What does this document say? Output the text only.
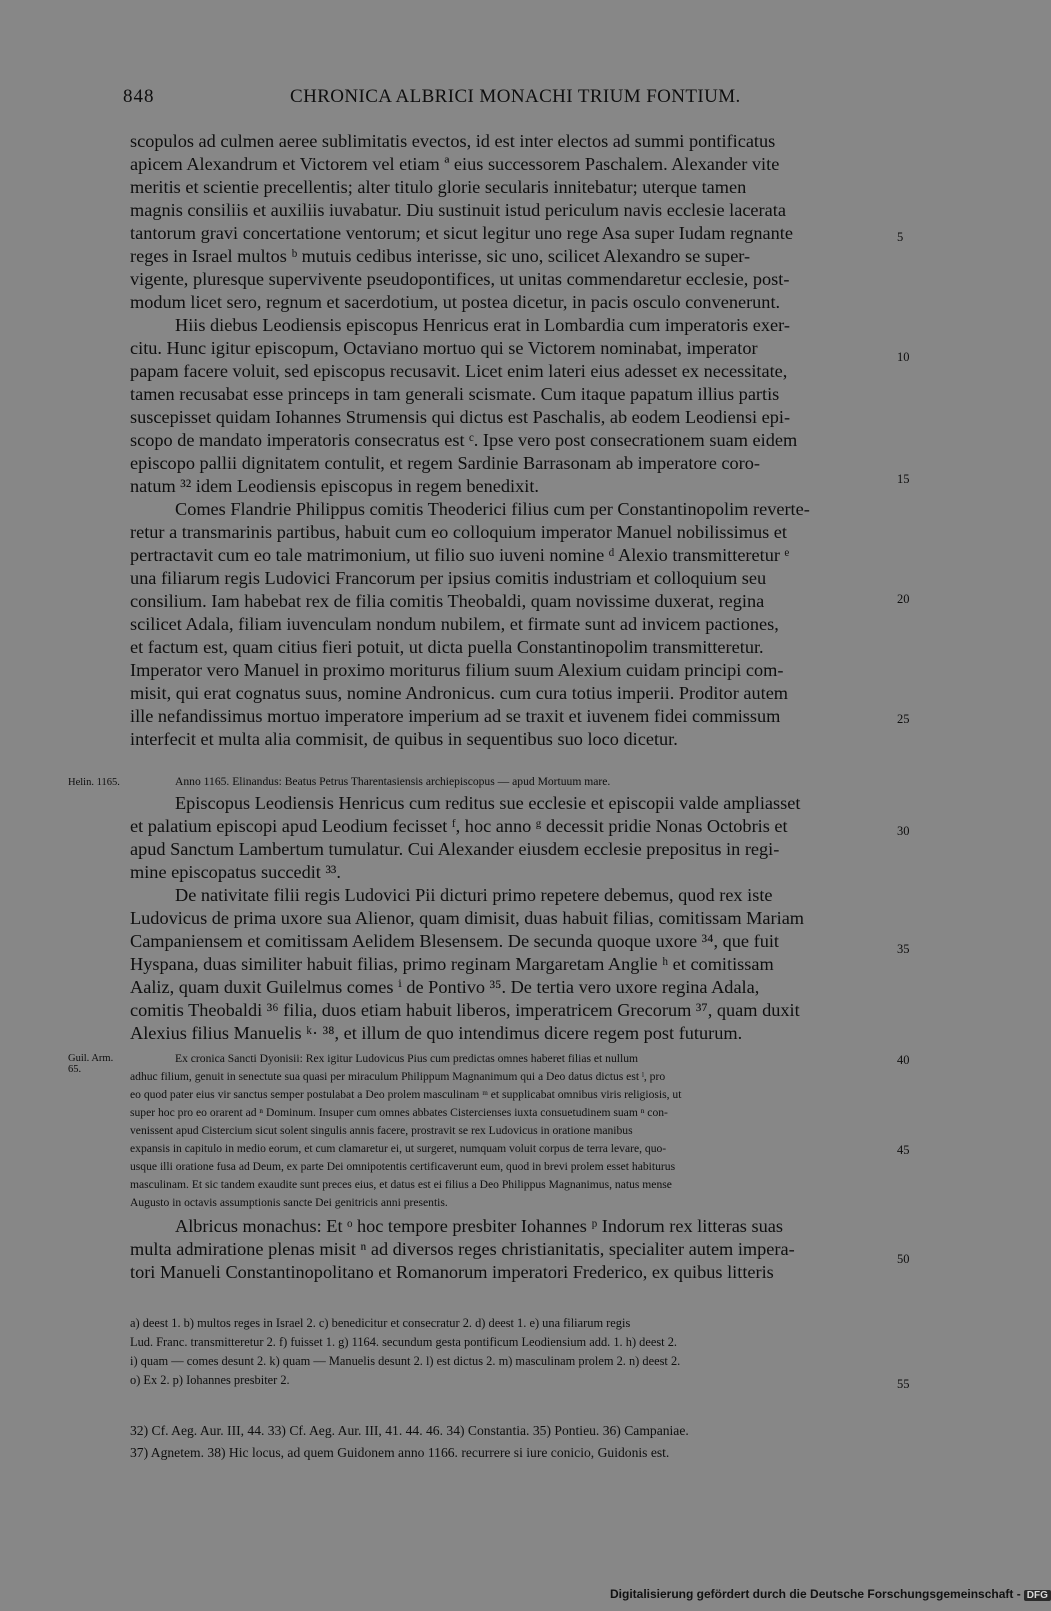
848	CHRONICA ALBRICI MONACHI TRIUM FONTIUM.
scopulos ad culmen aeree sublimitatis evectos, id est inter electos ad summi pontificatus
apicem Alexandrum et Victorem vel etiam ª eius successorem Paschalem. Alexander vite
meritis et scientie precellentis; alter titulo glorie secularis innitebatur; uterque tamen
magnis consiliis et auxiliis iuvabatur. Diu sustinuit istud periculum navis ecclesie lacerata
tantorum gravi concertatione ventorum; et sicut legitur uno rege Asa super Iudam regnante
reges in Israel multos ᵇ mutuis cedibus interisse, sic uno, scilicet Alexandro se super-
vigente, pluresque supervivente pseudopontifices, ut unitas commendaretur ecclesie, post-
modum licet sero, regnum et sacerdotium, ut postea dicetur, in pacis osculo convenerunt.
Hiis diebus Leodiensis episcopus Henricus erat in Lombardia cum imperatoris exer-
citu. Hunc igitur episcopum, Octaviano mortuo qui se Victorem nominabat, imperator
papam facere voluit, sed episcopus recusavit. Licet enim lateri eius adesset ex necessitate,
tamen recusabat esse princeps in tam generali scismate. Cum itaque papatum illius partis
suscepisset quidam Iohannes Strumensis qui dictus est Paschalis, ab eodem Leodiensi epi-
scopo de mandato imperatoris consecratus est ᶜ. Ipse vero post consecrationem suam eidem
episcopo pallii dignitatem contulit, et regem Sardinie Barrasonam ab imperatore coro-
natum ³² idem Leodiensis episcopus in regem benedixit.
Comes Flandrie Philippus comitis Theoderici filius cum per Constantinopolim reverte-
retur a transmarinis partibus, habuit cum eo colloquium imperator Manuel nobilissimus et
pertractavit cum eo tale matrimonium, ut filio suo iuveni nomine ᵈ Alexio transmitteretur ᵉ
una filiarum regis Ludovici Francorum per ipsius comitis industriam et colloquium seu
consilium. Iam habebat rex de filia comitis Theobaldi, quam novissime duxerat, regina
scilicet Adala, filiam iuvenculam nondum nubilem, et firmate sunt ad invicem pactiones,
et factum est, quam citius fieri potuit, ut dicta puella Constantinopolim transmitteretur.
Imperator vero Manuel in proximo moriturus filium suum Alexium cuidam principi com-
misit, qui erat cognatus suus, nomine Andronicus. cum cura totius imperii. Proditor autem
ille nefandissimus mortuo imperatore imperium ad se traxit et iuvenem fidei commissum
interfecit et multa alia commisit, de quibus in sequentibus suo loco dicetur.
Helin. 1165.	Anno 1165. Elinandus: Beatus Petrus Tharentasiensis archiepiscopus — apud Mortuum mare.
Episcopus Leodiensis Henricus cum reditus sue ecclesie et episcopii valde ampliasset
et palatium episcopi apud Leodium fecisset ᶠ, hoc anno ᵍ decessit pridie Nonas Octobris et
apud Sanctum Lambertum tumulatur. Cui Alexander eiusdem ecclesie prepositus in regi-
mine episcopatus succedit ³³.
De nativitate filii regis Ludovici Pii dicturi primo repetere debemus, quod rex iste
Ludovicus de prima uxore sua Alienor, quam dimisit, duas habuit filias, comitissam Mariam
Campaniensem et comitissam Aelidem Blesensem. De secunda quoque uxore ³⁴, que fuit
Hyspana, duas similiter habuit filias, primo reginam Margaretam Anglie ʰ et comitissam
Aaliz, quam duxit Guilelmus comes ⁱ de Pontivo ³⁵. De tertia vero uxore regina Adala,
comitis Theobaldi ³⁶ filia, duos etiam habuit liberos, imperatricem Grecorum ³⁷, quam duxit
Alexius filius Manuelis ᵏ· ³⁸, et illum de quo intendimus dicere regem post futurum.
Guil. Arm. 65.
Ex cronica Sancti Dyonisii: Rex igitur Ludovicus Pius cum predictas omnes haberet filias et nullum
adhuc filium, genuit in senectute sua quasi per miraculum Philippum Magnanimum qui a Deo datus dictus est ˡ, pro
eo quod pater eius vir sanctus semper postulabat a Deo prolem masculinam ᵐ et supplicabat omnibus viris religiosis, ut
super hoc pro eo orarent ad ⁿ Dominum. Insuper cum omnes abbates Cistercienses iuxta consuetudinem suam ⁿ con-
venissent apud Cistercium sicut solent singulis annis facere, prostravit se rex Ludovicus in oratione manibus
expansis in capitulo in medio eorum, et cum clamaretur ei, ut surgeret, numquam voluit corpus de terra levare, quo-
usque illi oratione fusa ad Deum, ex parte Dei omnipotentis certificaverunt eum, quod in brevi prolem esset habiturus
masculinam. Et sic tandem exaudite sunt preces eius, et datus est ei filius a Deo Philippus Magnanimus, natus mense
Augusto in octavis assumptionis sancte Dei genitricis anni presentis.
Albricus monachus: Et ᵒ hoc tempore presbiter Iohannes ᵖ Indorum rex litteras suas
multa admiratione plenas misit ⁿ ad diversos reges christianitatis, specialiter autem impera-
tori Manueli Constantinopolitano et Romanorum imperatori Frederico, ex quibus litteris
5
10
15
20
25
30
35
40
45
50
55
a) deest 1. b) multos reges in Israel 2. c) benedicitur et consecratur 2. d) deest 1. e) una filiarum regis
Lud. Franc. transmitteretur 2. f) fuisset 1. g) 1164. secundum gesta pontificum Leodiensium add. 1. h) deest 2.
i) quam — comes desunt 2. k) quam — Manuelis desunt 2. l) est dictus 2. m) masculinam prolem 2. n) deest 2.
o) Ex 2. p) Iohannes presbiter 2.
32) Cf. Aeg. Aur. III, 44. 33) Cf. Aeg. Aur. III, 41. 44. 46. 34) Constantia. 35) Pontieu. 36) Campaniae.
37) Agnetem. 38) Hic locus, ad quem Guidonem anno 1166. recurrere si iure conicio, Guidonis est.
Digitalisierung gefördert durch die Deutsche Forschungsgemeinschaft - DFG
